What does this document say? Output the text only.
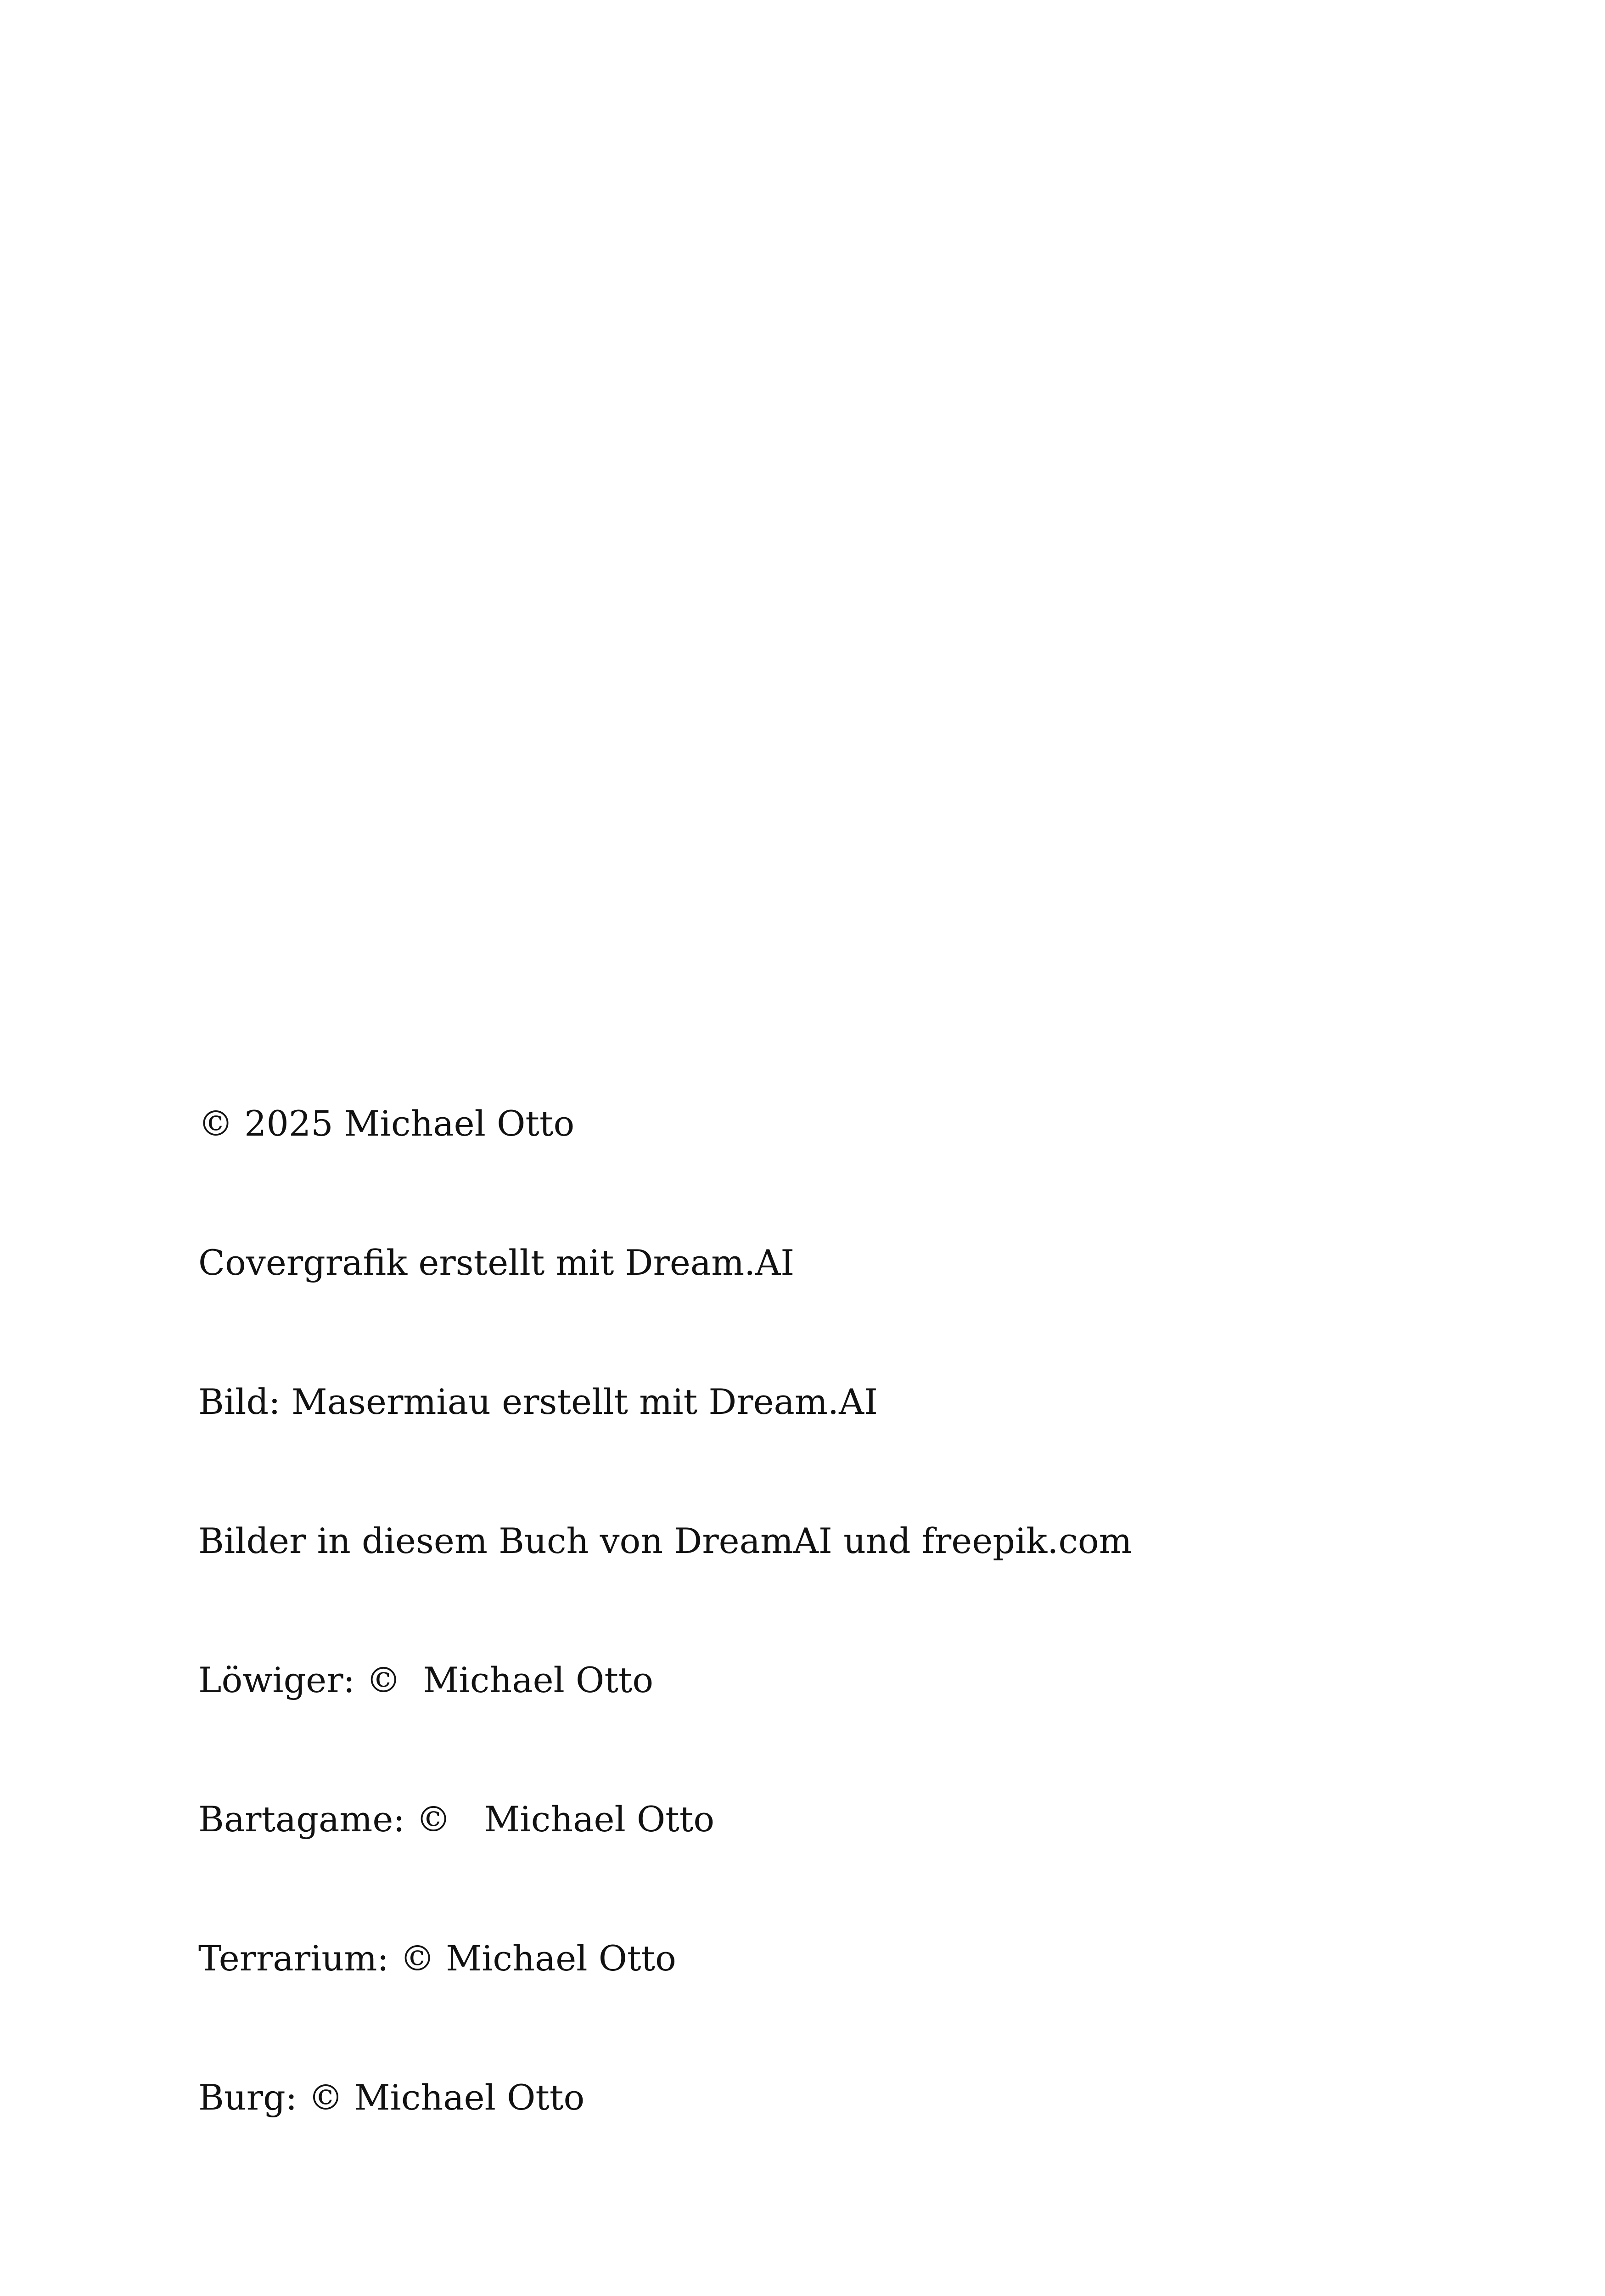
© 2025 Michael Otto

Covergrafik erstellt mit Dream.AI

Bild: Masermiau erstellt mit Dream.AI

Bilder in diesem Buch von DreamAI und freepik.com

Löwiger: ©  Michael Otto

Bartagame: ©   Michael Otto

Terrarium: © Michael Otto

Burg: © Michael Otto
